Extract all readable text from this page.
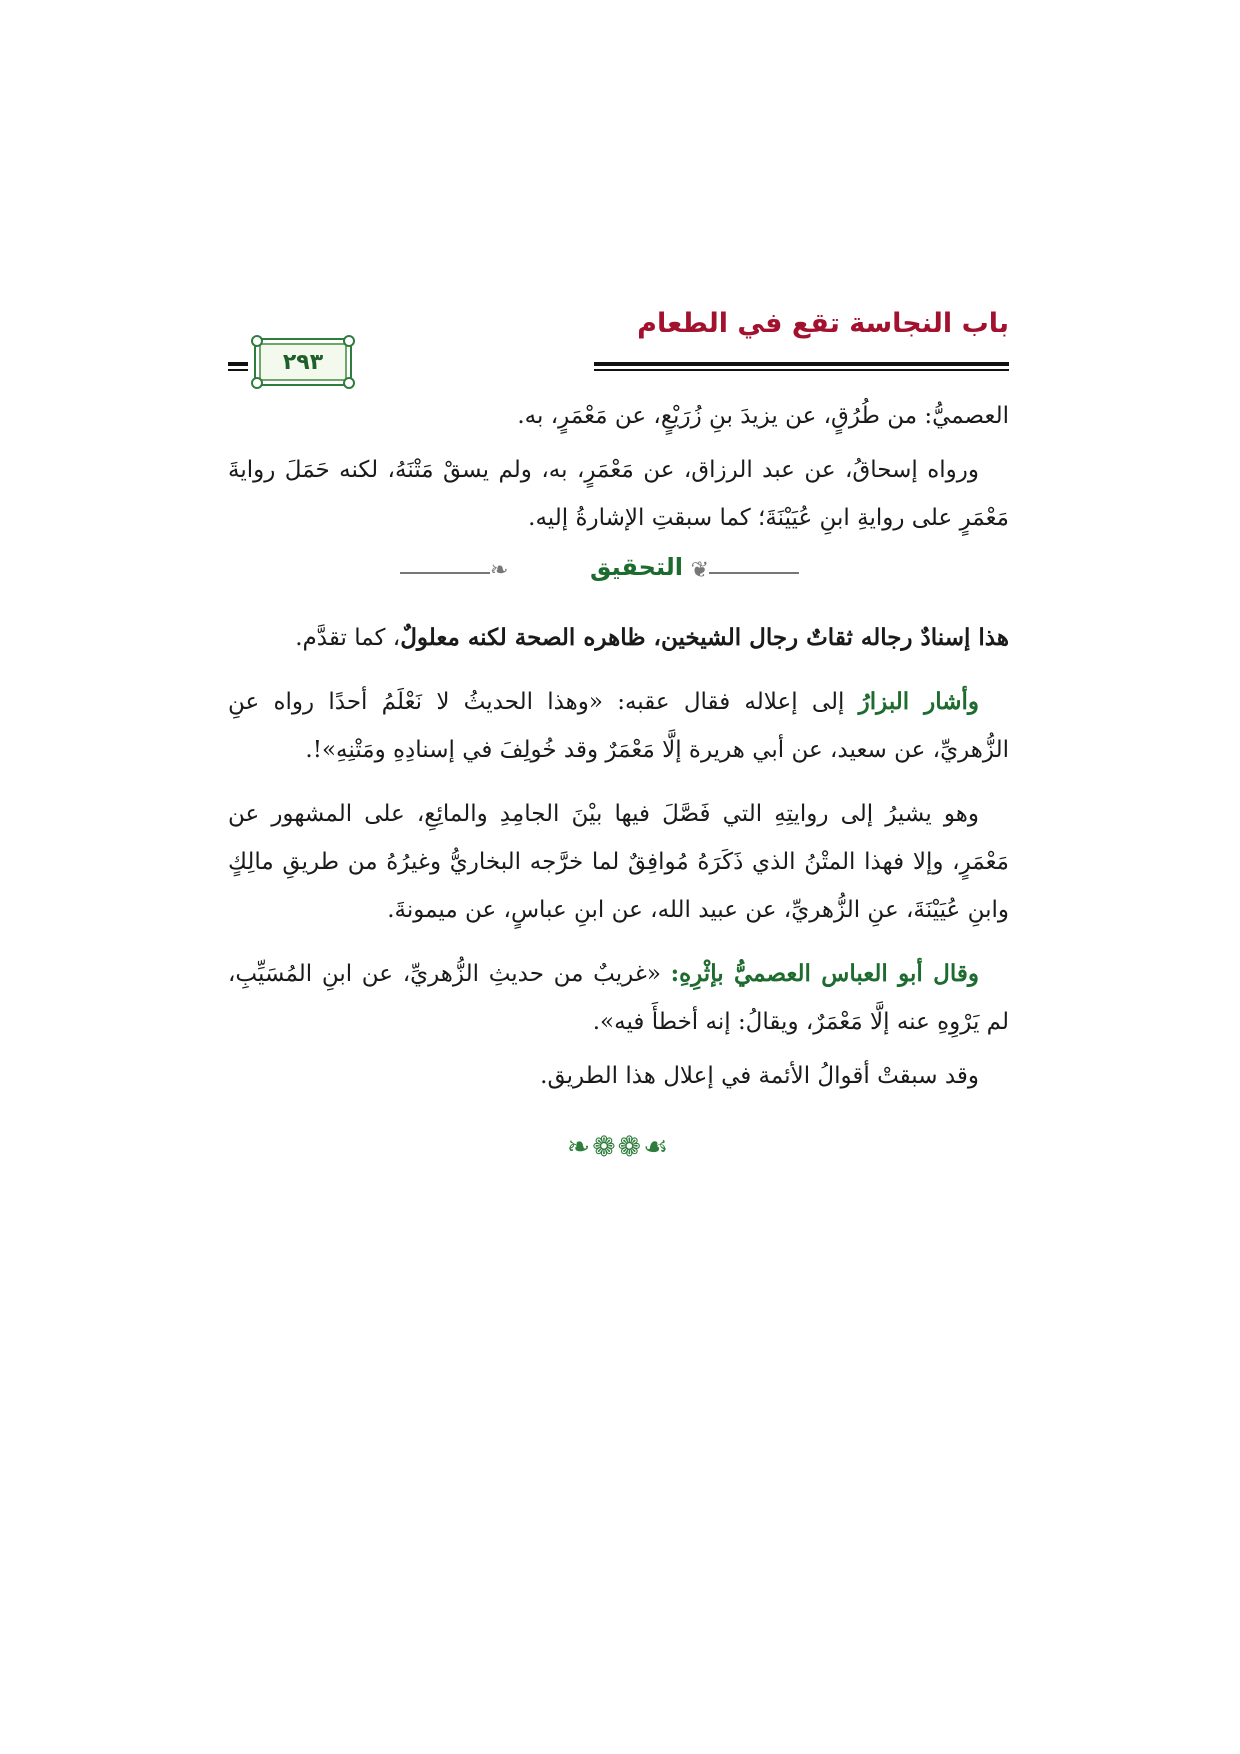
باب النجاسة تقع في الطعام
٢٩٣

العصميُّ: من طُرُقٍ، عن يزيدَ بنِ زُرَيْعٍ، عن مَعْمَرٍ، به.

ورواه إسحاقُ، عن عبد الرزاق، عن مَعْمَرٍ، به، ولم يسقْ مَتْنَهُ، لكنه حَمَلَ روايةَ مَعْمَرٍ على روايةِ ابنِ عُيَيْنَةَ؛ كما سبقتِ الإشارةُ إليه.

❦
التحقيق
❧

هذا إسنادٌ رجاله ثقاتٌ رجال الشيخين، ظاهره الصحة لكنه معلولٌ، كما تقدَّم.

وأشار البزارُ إلى إعلاله فقال عقبه: «وهذا الحديثُ لا نَعْلَمُ أحدًا رواه عنِ الزُّهريِّ، عن سعيد، عن أبي هريرة إلَّا مَعْمَرٌ وقد خُولِفَ في إسنادِهِ ومَتْنِهِ»!.

وهو يشيرُ إلى روايتِهِ التي فَصَّلَ فيها بيْنَ الجامِدِ والمائِعِ، على المشهور عن مَعْمَرٍ، وإلا فهذا المتْنُ الذي ذَكَرَهُ مُوافِقٌ لما خرَّجه البخاريُّ وغيرُهُ من طريقِ مالِكٍ وابنِ عُيَيْنَةَ، عنِ الزُّهريِّ، عن عبيد الله، عن ابنِ عباسٍ، عن ميمونةَ.

وقال أبو العباس العصميُّ بإثْرِهِ: «غريبٌ من حديثِ الزُّهريِّ، عن ابنِ المُسَيِّبِ، لم يَرْوِهِ عنه إلَّا مَعْمَرٌ، ويقالُ: إنه أخطأَ فيه».

وقد سبقتْ أقوالُ الأئمة في إعلال هذا الطريق.

❧❁❁☙
